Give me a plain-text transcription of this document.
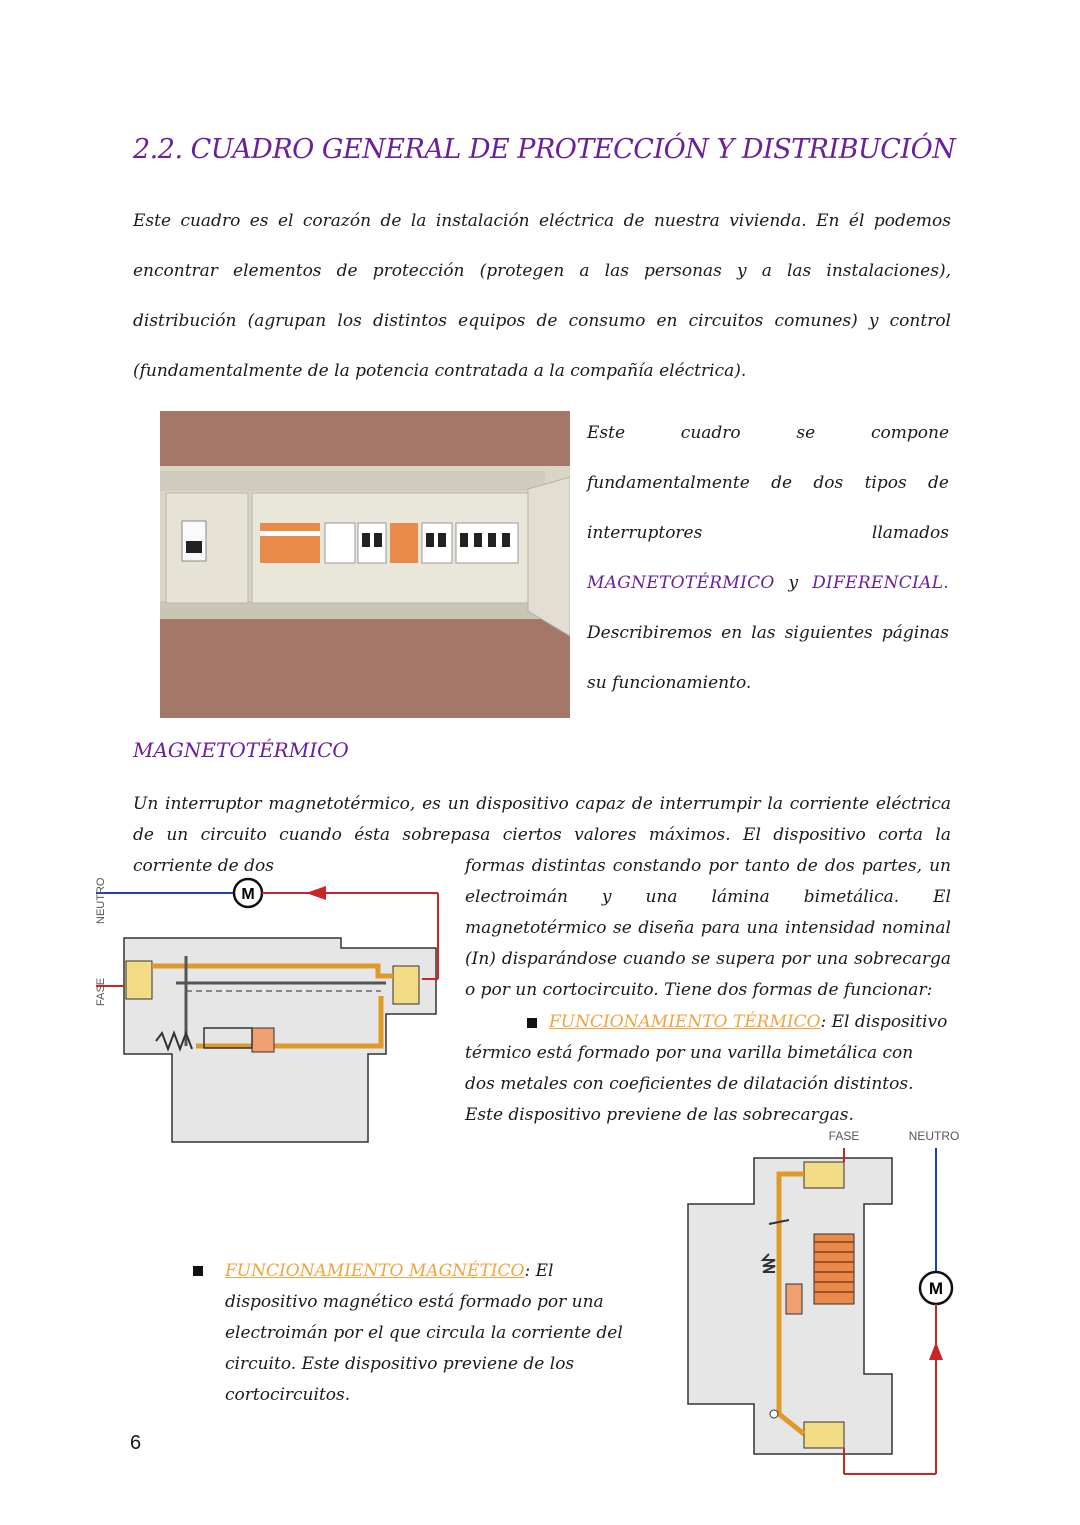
2.2. CUADRO GENERAL DE PROTECCIÓN Y DISTRIBUCIÓN
Este cuadro es el corazón de la instalación eléctrica de nuestra vivienda. En él podemos encontrar elementos de protección (protegen a las personas y a las instalaciones), distribución (agrupan los distintos equipos de consumo en circuitos comunes) y control (fundamentalmente de la potencia contratada a la compañía eléctrica).
Este cuadro se compone fundamentalmente de dos tipos de interruptores llamados MAGNETOTÉRMICO y DIFERENCIAL. Describiremos en las siguientes páginas su funcionamiento.
MAGNETOTÉRMICO
Un interruptor magnetotérmico, es un dispositivo capaz de interrumpir la corriente eléctrica de un circuito cuando ésta sobrepasa ciertos valores máximos. El dispositivo corta la corriente de dos	formas distintas constando por tanto de dos partes, un electroimán y una lámina bimetálica. El magnetotérmico se diseña para una intensidad nominal (In) disparándose cuando se supera por una sobrecarga o por un cortocircuito. Tiene dos formas de funcionar:
FUNCIONAMIENTO TÉRMICO: El dispositivo
térmico está formado por una varilla bimetálica con dos metales con coeficientes de dilatación distintos. Este dispositivo previene de las sobrecargas.
FUNCIONAMIENTO MAGNÉTICO: El dispositivo magnético está formado por una electroimán por el que circula la corriente del circuito. Este dispositivo previene de los cortocircuitos.
M
NEUTRO
FASE
FASE	NEUTRO
M
6
